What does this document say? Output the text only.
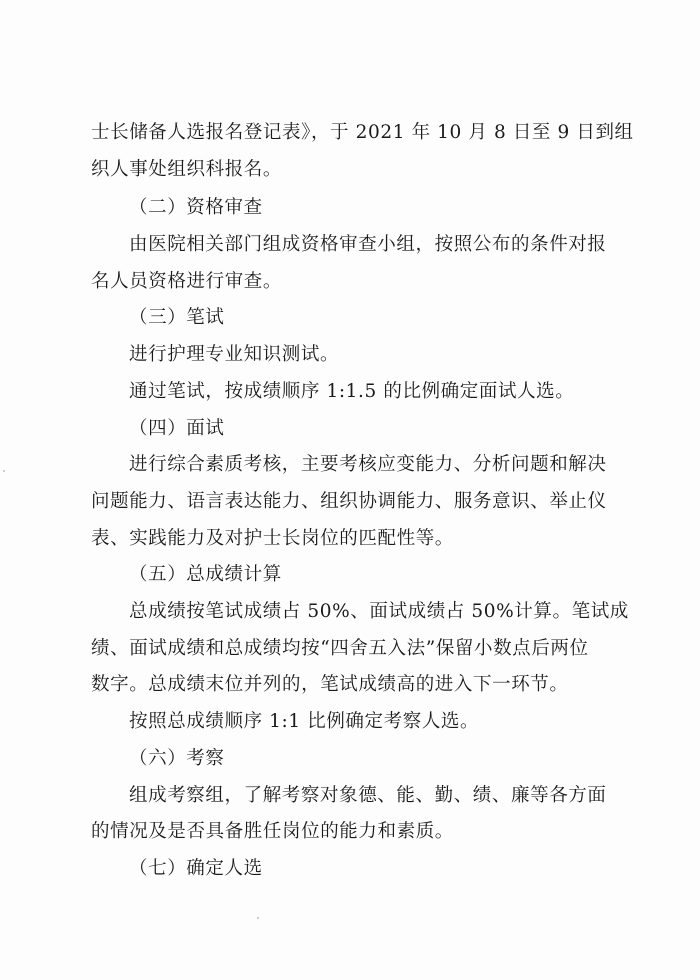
士长储备人选报名登记表》，于 2021 年 10 月 8 日至 9 日到组
织人事处组织科报名。
（二）资格审查
由医院相关部门组成资格审查小组，按照公布的条件对报
名人员资格进行审查。
（三）笔试
进行护理专业知识测试。
通过笔试，按成绩顺序 1:1.5 的比例确定面试人选。
（四）面试
进行综合素质考核，主要考核应变能力、分析问题和解决
问题能力、语言表达能力、组织协调能力、服务意识、举止仪
表、实践能力及对护士长岗位的匹配性等。
（五）总成绩计算
总成绩按笔试成绩占 50%、面试成绩占 50%计算。笔试成
绩、面试成绩和总成绩均按“四舍五入法”保留小数点后两位
数字。总成绩末位并列的，笔试成绩高的进入下一环节。
按照总成绩顺序 1:1 比例确定考察人选。
（六）考察
组成考察组，了解考察对象德、能、勤、绩、廉等各方面
的情况及是否具备胜任岗位的能力和素质。
（七）确定人选
